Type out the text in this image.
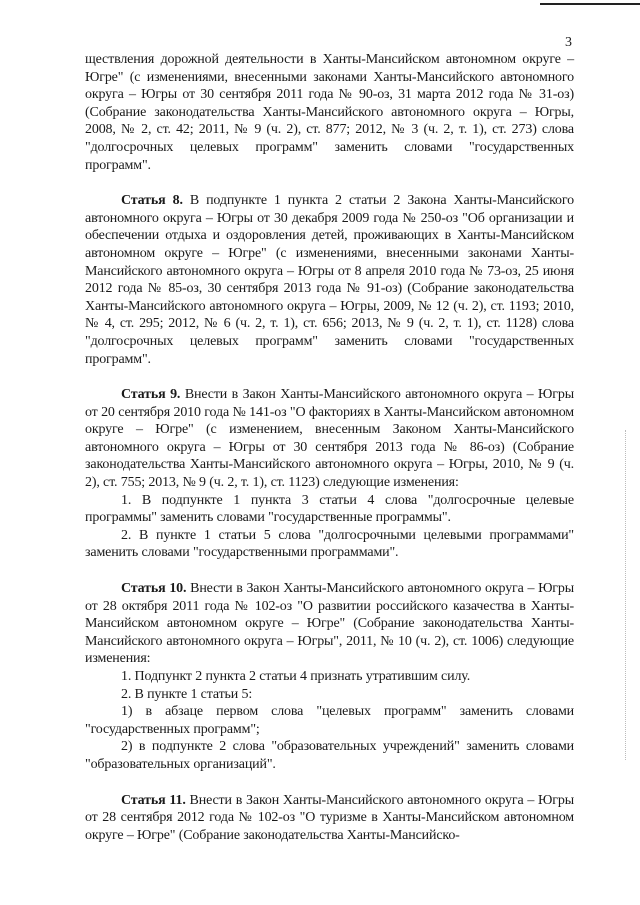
3

ществления дорожной деятельности в Ханты-Мансийском автономном округе – Югре" (с изменениями, внесенными законами Ханты-Мансийского автономного округа – Югры от 30 сентября 2011 года № 90-оз, 31 марта 2012 года № 31-оз) (Собрание законодательства Ханты-Мансийского автономного округа – Югры, 2008, № 2, ст. 42; 2011, № 9 (ч. 2), ст. 877; 2012, № 3 (ч. 2, т. 1), ст. 273) слова "долгосрочных целевых программ" заменить словами "государственных программ".

Статья 8. В подпункте 1 пункта 2 статьи 2 Закона Ханты-Мансийского автономного округа – Югры от 30 декабря 2009 года № 250-оз "Об организации и обеспечении отдыха и оздоровления детей, проживающих в Ханты-Мансийском автономном округе – Югре" (с изменениями, внесенными законами Ханты-Мансийского автономного округа – Югры от 8 апреля 2010 года № 73-оз, 25 июня 2012 года № 85-оз, 30 сентября 2013 года № 91-оз) (Собрание законодательства Ханты-Мансийского автономного округа – Югры, 2009, № 12 (ч. 2), ст. 1193; 2010, № 4, ст. 295; 2012, № 6 (ч. 2, т. 1), ст. 656; 2013, № 9 (ч. 2, т. 1), ст. 1128) слова "долгосрочных целевых программ" заменить словами "государственных программ".

Статья 9. Внести в Закон Ханты-Мансийского автономного округа – Югры от 20 сентября 2010 года № 141-оз "О факториях в Ханты-Мансийском автономном округе – Югре" (с изменением, внесенным Законом Ханты-Мансийского автономного округа – Югры от 30 сентября 2013 года № 86-оз) (Собрание законодательства Ханты-Мансийского автономного округа – Югры, 2010, № 9 (ч. 2), ст. 755; 2013, № 9 (ч. 2, т. 1), ст. 1123) следующие изменения:

1. В подпункте 1 пункта 3 статьи 4 слова "долгосрочные целевые программы" заменить словами "государственные программы".

2. В пункте 1 статьи 5 слова "долгосрочными целевыми программами" заменить словами "государственными программами".

Статья 10. Внести в Закон Ханты-Мансийского автономного округа – Югры от 28 октября 2011 года № 102-оз "О развитии российского казачества в Ханты-Мансийском автономном округе – Югре" (Собрание законодательства Ханты-Мансийского автономного округа – Югры", 2011, № 10 (ч. 2), ст. 1006) следующие изменения:

1. Подпункт 2 пункта 2 статьи 4 признать утратившим силу.

2. В пункте 1 статьи 5:

1) в абзаце первом слова "целевых программ" заменить словами "государственных программ";

2) в подпункте 2 слова "образовательных учреждений" заменить словами "образовательных организаций".

Статья 11. Внести в Закон Ханты-Мансийского автономного округа – Югры от 28 сентября 2012 года № 102-оз "О туризме в Ханты-Мансийском автономном округе – Югре" (Собрание законодательства Ханты-Мансийско-
